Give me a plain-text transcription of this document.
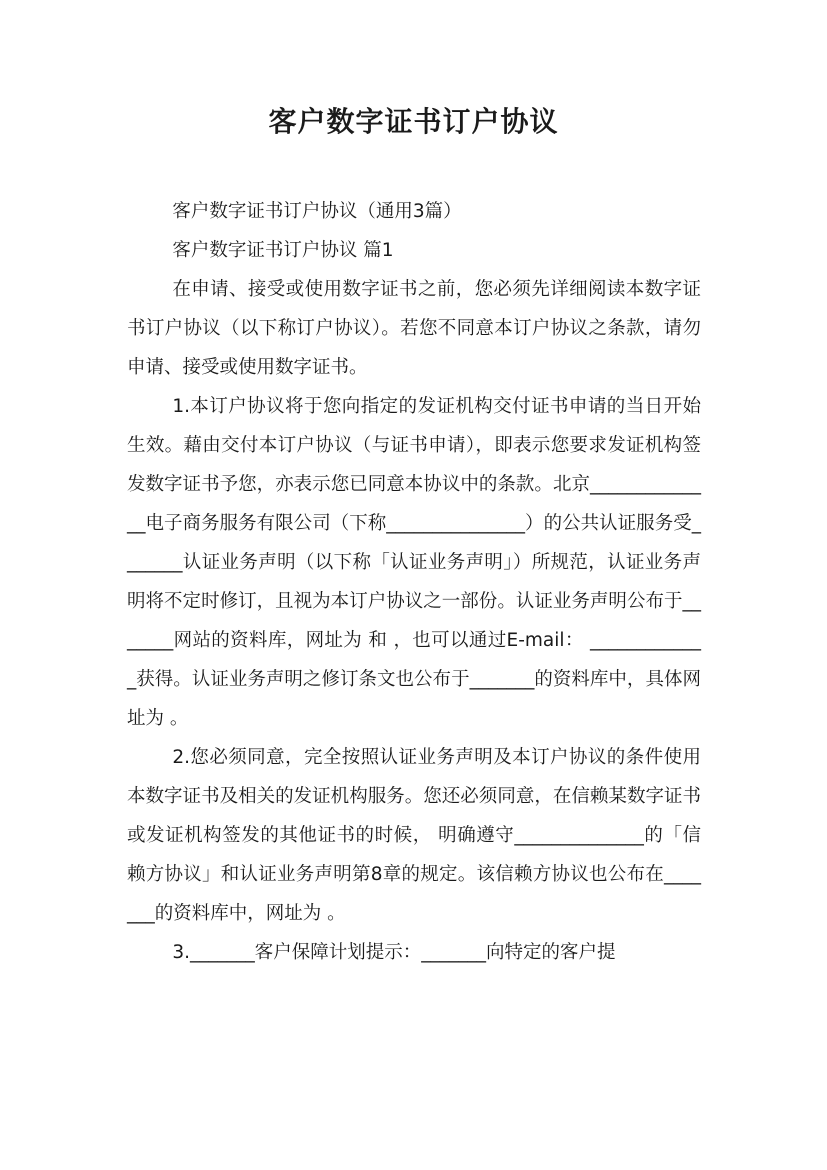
客户数字证书订户协议

客户数字证书订户协议（通用3篇）

客户数字证书订户协议 篇1

在申请、接受或使用数字证书之前，您必须先详细阅读本数字证书订户协议（以下称订户协议）。若您不同意本订户协议之条款，请勿申请、接受或使用数字证书。

1.本订户协议将于您向指定的发证机构交付证书申请的当日开始生效。藉由交付本订户协议（与证书申请），即表示您要求发证机构签发数字证书予您，亦表示您已同意本协议中的条款。北京______________电子商务服务有限公司（下称_______________）的公共认证服务受_______认证业务声明（以下称「认证业务声明」）所规范，认证业务声明将不定时修订，且视为本订户协议之一部份。认证业务声明公布于_______网站的资料库，网址为 和 ，也可以通过E-mail： _____________获得。认证业务声明之修订条文也公布于_______的资料库中，具体网址为 。

2.您必须同意，完全按照认证业务声明及本订户协议的条件使用本数字证书及相关的发证机构服务。您还必须同意，在信赖某数字证书或发证机构签发的其他证书的时候， 明确遵守______________的「信赖方协议」和认证业务声明第8章的规定。该信赖方协议也公布在_______的资料库中，网址为 。

3._______客户保障计划提示：_______向特定的客户提
